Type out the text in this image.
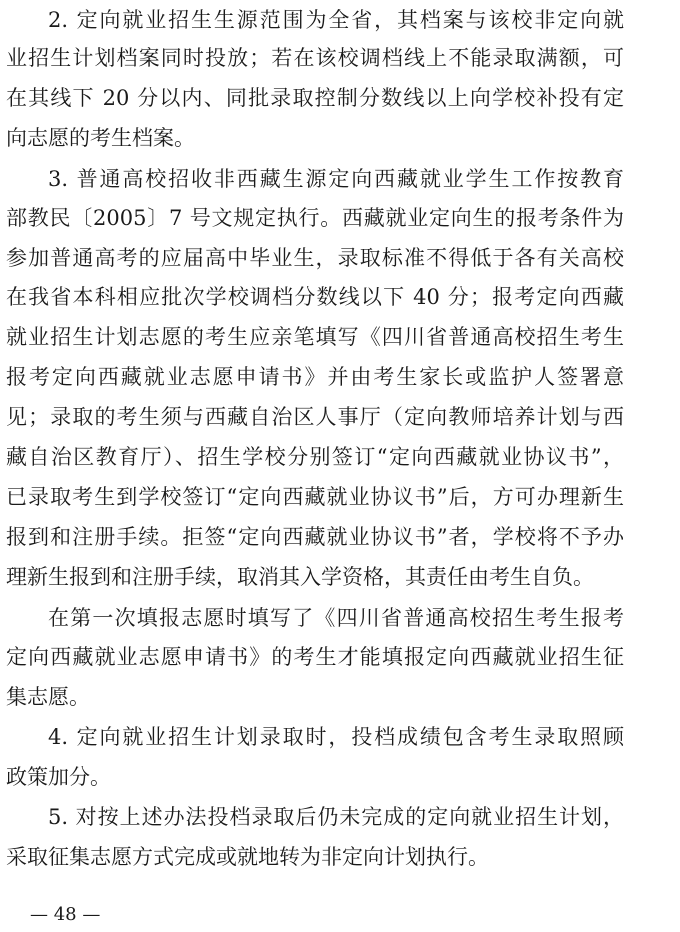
2. 定向就业招生生源范围为全省，其档案与该校非定向就
业招生计划档案同时投放；若在该校调档线上不能录取满额，可
在其线下 20 分以内、同批录取控制分数线以上向学校补投有定
向志愿的考生档案。
3. 普通高校招收非西藏生源定向西藏就业学生工作按教育
部教民〔2005〕7 号文规定执行。西藏就业定向生的报考条件为
参加普通高考的应届高中毕业生，录取标准不得低于各有关高校
在我省本科相应批次学校调档分数线以下 40 分；报考定向西藏
就业招生计划志愿的考生应亲笔填写《四川省普通高校招生考生
报考定向西藏就业志愿申请书》并由考生家长或监护人签署意
见；录取的考生须与西藏自治区人事厅（定向教师培养计划与西
藏自治区教育厅）、招生学校分别签订“定向西藏就业协议书”，
已录取考生到学校签订“定向西藏就业协议书”后，方可办理新生
报到和注册手续。拒签“定向西藏就业协议书”者，学校将不予办
理新生报到和注册手续，取消其入学资格，其责任由考生自负。
在第一次填报志愿时填写了《四川省普通高校招生考生报考
定向西藏就业志愿申请书》的考生才能填报定向西藏就业招生征
集志愿。
4. 定向就业招生计划录取时，投档成绩包含考生录取照顾
政策加分。
5. 对按上述办法投档录取后仍未完成的定向就业招生计划，
采取征集志愿方式完成或就地转为非定向计划执行。
— 48 —
